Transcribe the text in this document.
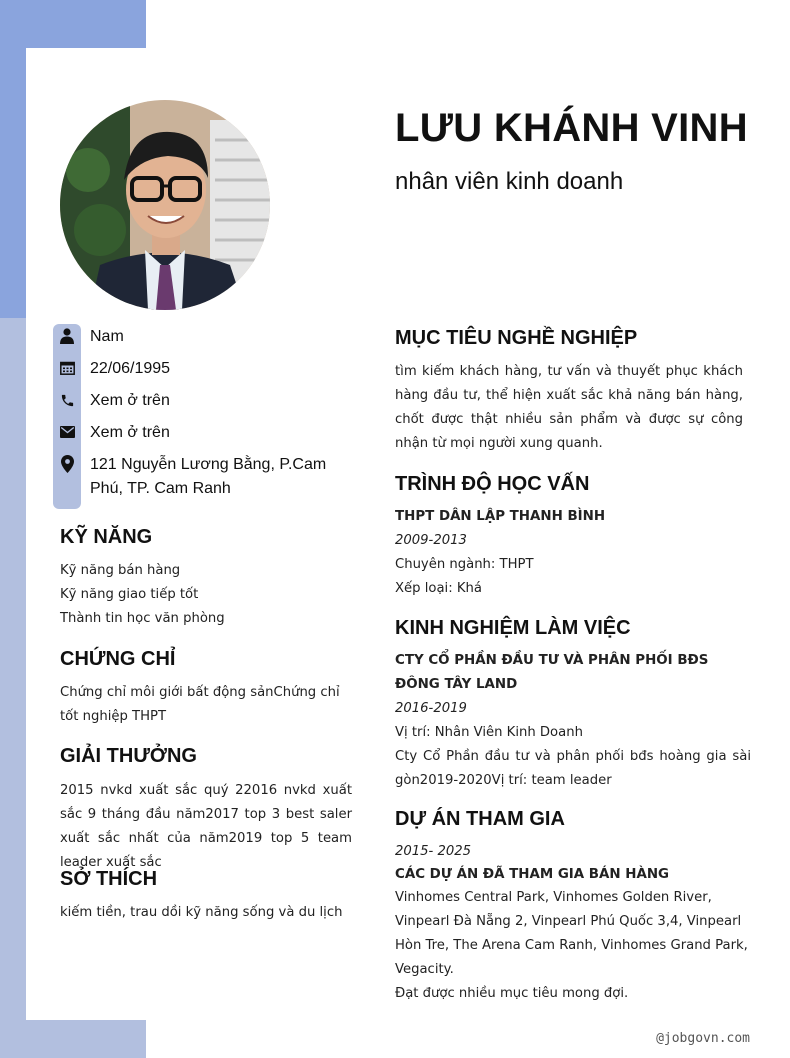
LƯU KHÁNH VINH
nhân viên kinh doanh
Nam
22/06/1995
Xem ở trên
Xem ở trên
121 Nguyễn Lương Bằng, P.Cam Phú, TP. Cam Ranh
KỸ NĂNG
Kỹ năng bán hàng
Kỹ năng giao tiếp tốt
Thành tin học văn phòng
CHỨNG CHỈ
Chứng chỉ môi giới bất động sảnChứng chỉ tốt nghiệp THPT
GIẢI THƯỞNG
2015 nvkd xuất sắc quý 22016 nvkd xuất sắc 9 tháng đầu năm2017 top 3 best saler xuất sắc nhất của năm2019 top 5 team leader xuất sắc
SỞ THÍCH
kiếm tiền, trau dồi kỹ năng sống và du lịch
MỤC TIÊU NGHỀ NGHIỆP
tìm kiếm khách hàng, tư vấn và thuyết phục khách hàng đầu tư, thể hiện xuất sắc khả năng bán hàng, chốt được thật nhiều sản phẩm và được sự công nhận từ mọi người xung quanh.
TRÌNH ĐỘ HỌC VẤN
THPT DÂN LẬP THANH BÌNH
2009-2013
Chuyên ngành: THPT
Xếp loại: Khá
KINH NGHIỆM LÀM VIỆC
CTY CỔ PHẦN ĐẦU TƯ VÀ PHÂN PHỐI BĐS ĐÔNG TÂY LAND
2016-2019
Vị trí: Nhân Viên Kinh Doanh
Cty Cổ Phần đầu tư và phân phối bđs hoàng gia sài gòn2019-2020Vị trí: team leader
DỰ ÁN THAM GIA
2015- 2025
CÁC DỰ ÁN ĐÃ THAM GIA BÁN HÀNG
Vinhomes Central Park, Vinhomes Golden River, Vinpearl Đà Nẵng 2, Vinpearl Phú Quốc 3,4, Vinpearl Hòn Tre, The Arena Cam Ranh, Vinhomes Grand Park, Vegacity.
Đạt được nhiều mục tiêu mong đợi.
@jobgovn.com
